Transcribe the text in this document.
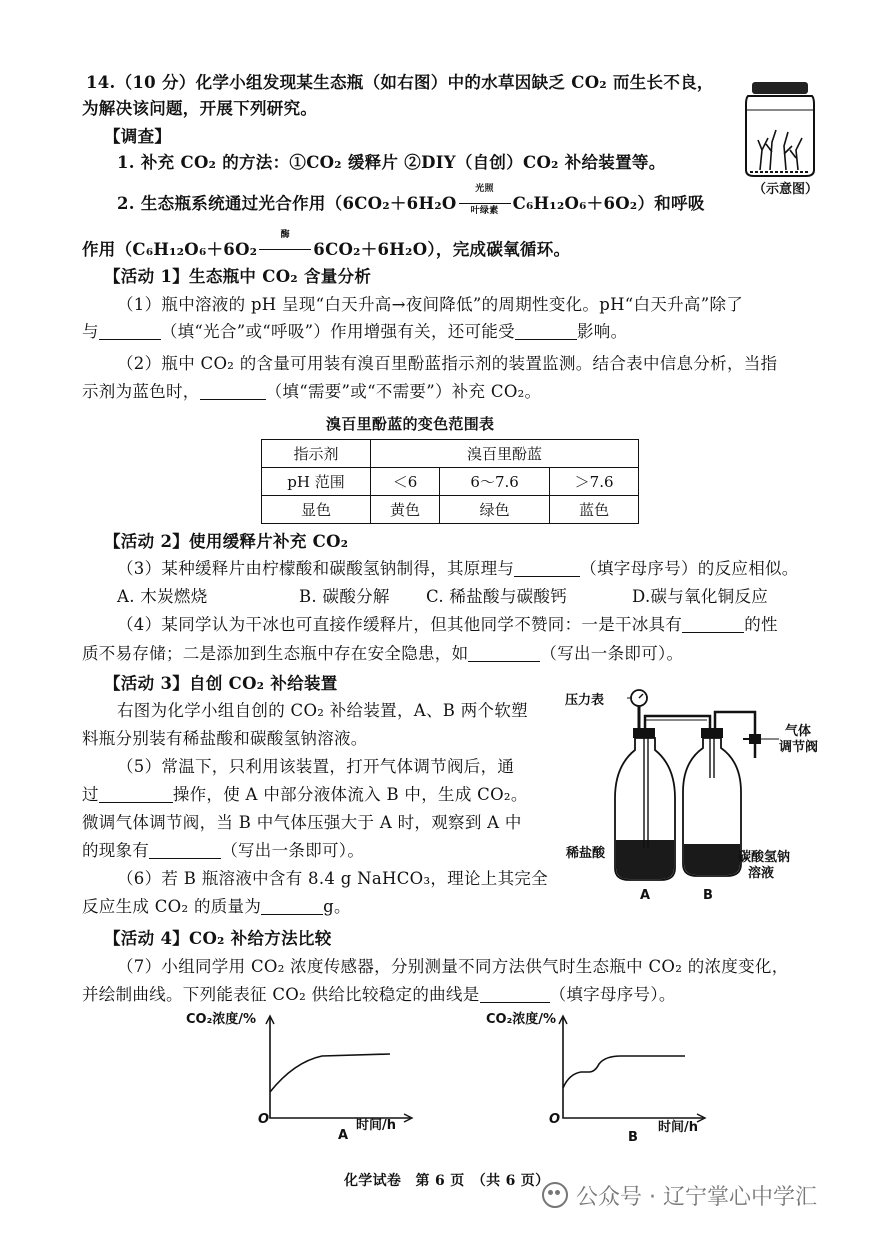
14.（10 分）化学小组发现某生态瓶（如右图）中的水草因缺乏 CO₂ 而生长不良，
为解决该问题，开展下列研究。
【调查】
1. 补充 CO₂ 的方法：①CO₂ 缓释片 ②DIY（自创）CO₂ 补给装置等。
2. 生态瓶系统通过光合作用（6CO₂＋6H₂O
光照
叶绿素 C₆H₁₂O₆＋6O₂）和呼吸
作用（C₆H₁₂O₆＋6O₂
酶
6CO₂＋6H₂O），完成碳氧循环。
（示意图）
【活动 1】生态瓶中 CO₂ 含量分析
（1）瓶中溶液的 pH 呈现“白天升高→夜间降低”的周期性变化。pH“白天升高”除了
与	（填“光合”或“呼吸”）作用增强有关，还可能受	影响。
（2）瓶中 CO₂ 的含量可用装有溴百里酚蓝指示剂的装置监测。结合表中信息分析，当指
示剂为蓝色时，	（填“需要”或“不需要”）补充 CO₂。
溴百里酚蓝的变色范围表
指示剂	溴百里酚蓝		
pH 范围	＜6	6～7.6	＞7.6
显色	黄色	绿色	蓝色
【活动 2】使用缓释片补充 CO₂
（3）某种缓释片由柠檬酸和碳酸氢钠制得，其原理与	（填字母序号）的反应相似。
A. 木炭燃烧	B. 碳酸分解 C. 稀盐酸与碳酸钙	D.碳与氧化铜反应
（4）某同学认为干冰也可直接作缓释片，但其他同学不赞同：一是干冰具有	的性
质不易存储；二是添加到生态瓶中存在安全隐患，如	（写出一条即可）。
【活动 3】自创 CO₂ 补给装置
右图为化学小组自创的 CO₂ 补给装置，A、B 两个软塑
料瓶分别装有稀盐酸和碳酸氢钠溶液。
（5）常温下，只利用该装置，打开气体调节阀后，通
过	操作，使 A 中部分液体流入 B 中，生成 CO₂。
微调气体调节阀，当 B 中气体压强大于 A 时，观察到 A 中
的现象有	（写出一条即可）。
（6）若 B 瓶溶液中含有 8.4 g NaHCO₃，理论上其完全
反应生成 CO₂ 的质量为	g。
压力表
气体
调节阀
稀盐酸	碳酸氢钠
溶液
A	B
【活动 4】CO₂ 补给方法比较
（7）小组同学用 CO₂ 浓度传感器，分别测量不同方法供气时生态瓶中 CO₂ 的浓度变化，
并绘制曲线。下列能表征 CO₂ 供给比较稳定的曲线是	（填字母序号）。
CO₂浓度/%
O	时间/h
A
CO₂浓度/%
O
时间/h
B
化学试卷　第 6 页　（共 6 页）
公众号 · 辽宁掌心中学汇
